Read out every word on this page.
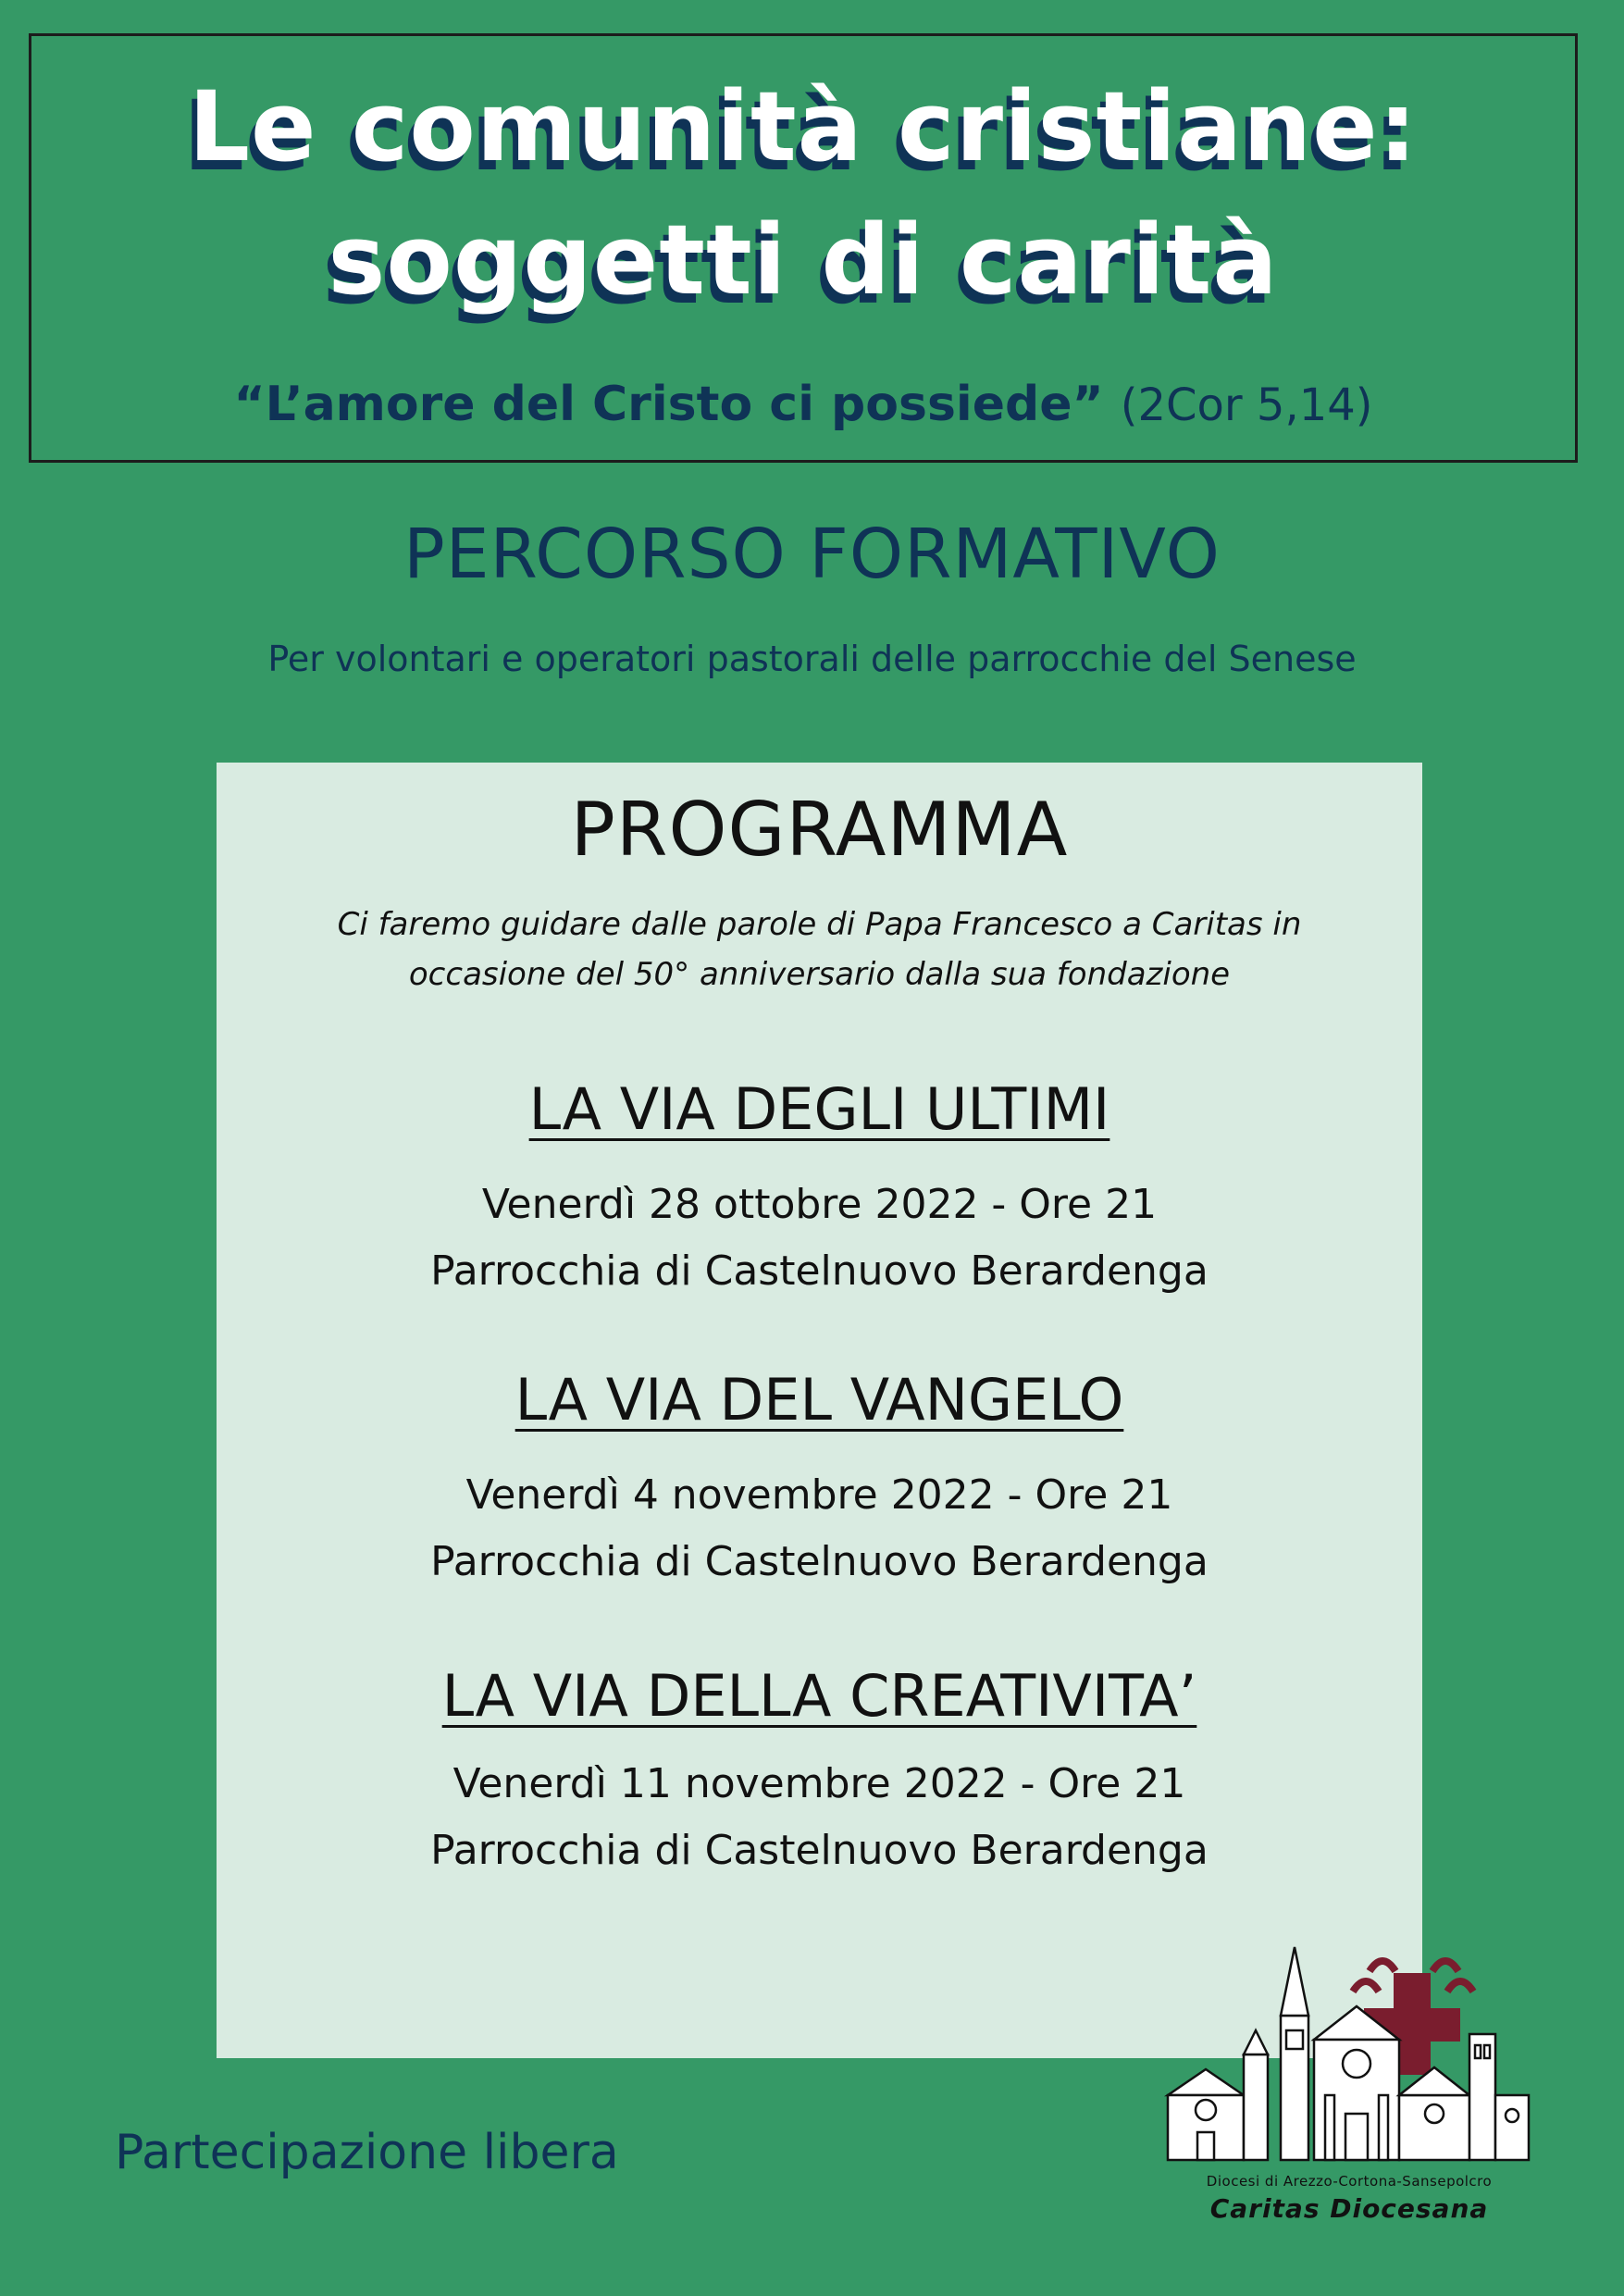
Le comunità cristiane:
soggetti di carità
“L’amore del Cristo ci possiede” (2Cor 5,14)
PERCORSO FORMATIVO
Per volontari e operatori pastorali delle parrocchie del Senese
PROGRAMMA
Ci faremo guidare dalle parole di Papa Francesco a Caritas in
occasione del 50° anniversario dalla sua fondazione
LA VIA DEGLI ULTIMI
Venerdì 28 ottobre 2022 - Ore 21
Parrocchia di Castelnuovo Berardenga
LA VIA DEL VANGELO
Venerdì 4 novembre 2022 - Ore 21
Parrocchia di Castelnuovo Berardenga
LA VIA DELLA CREATIVITA’
Venerdì 11 novembre 2022 - Ore 21
Parrocchia di Castelnuovo Berardenga
Partecipazione libera
Diocesi di Arezzo-Cortona-Sansepolcro
Caritas Diocesana
